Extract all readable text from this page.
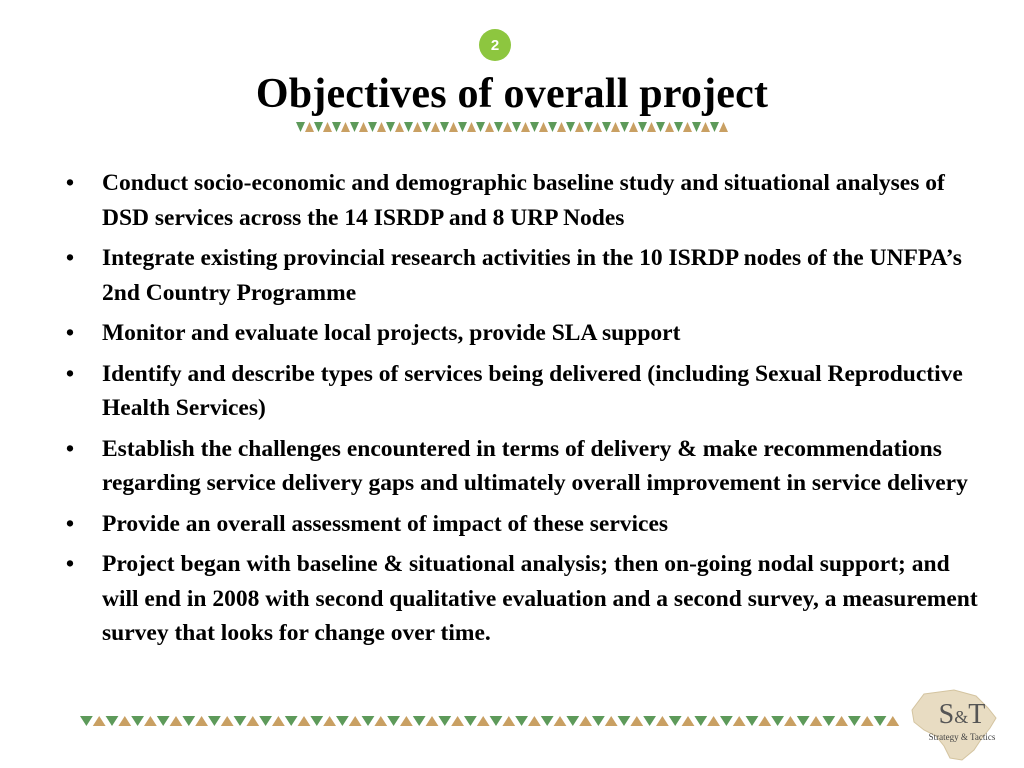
2
Objectives of overall project
• Conduct socio-economic and demographic baseline study and situational analyses of DSD services across the 14 ISRDP and 8 URP Nodes
• Integrate existing provincial research activities in the 10 ISRDP nodes of the UNFPA’s 2nd Country Programme
• Monitor and evaluate local projects, provide SLA support
• Identify and describe types of services being delivered (including Sexual Reproductive Health Services)
• Establish the challenges encountered in terms of delivery & make recommendations regarding service delivery gaps and ultimately overall improvement in service delivery
• Provide an overall assessment of impact of these services
• Project began with baseline & situational analysis; then on-going nodal support; and will end in 2008 with second qualitative evaluation and a second survey, a measurement survey that looks for change over time.
S&T
Strategy & Tactics
